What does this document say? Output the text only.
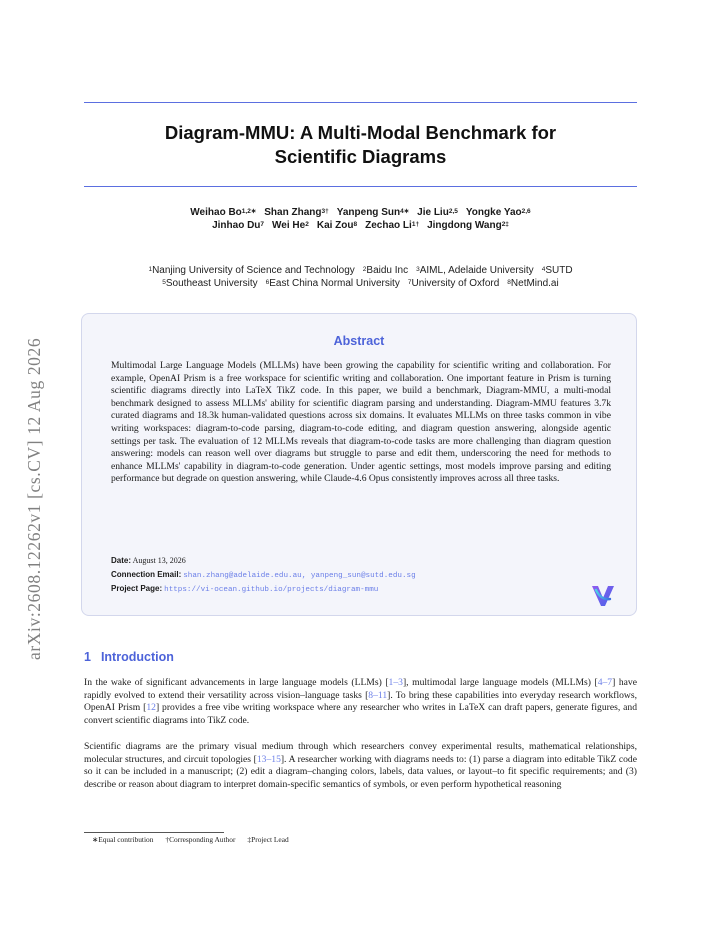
arXiv:2608.12262v1 [cs.CV] 12 Aug 2026
Diagram-MMU: A Multi-Modal Benchmark for
Scientific Diagrams
Weihao $Bo^{1,2∗}$ Shan Zhang$^{3\dagger}$ Yanpeng Sun$^{4∗}$ Jie Liu$^{2,5}$ Yongke Yao$^{2,6}$
Jinhao Du$^7$ Wei He$^2$ Kai Zou$^8$ Zechao $Li^{1\dagger}$ Jingdong Wang$^{2\ddagger}$
$^1$Nanjing University of Science and Technology $^2$Baidu Inc $^3$AIML, Adelaide University $^4$SUTD
$^5$Southeast University $^6$East China Normal University $^7$University of Oxford $^8$NetMind.ai
Abstract
Multimodal Large Language Models (MLLMs) have been growing the capability for scientific writing and collaboration. For example, OpenAI Prism is a free workspace for scientific writing and collaboration. One important feature in Prism is turning scientific diagrams directly into LaTeX TikZ code. In this paper, we build a benchmark, Diagram-MMU, a multi-modal benchmark designed to assess MLLMs' ability for scientific diagram parsing and understanding. Diagram-MMU features 3.7k curated diagrams and 18.3k human-validated questions across six domains. It evaluates MLLMs on three tasks common in vibe writing workspaces: diagram-to-code parsing, diagram-to-code editing, and diagram question answering, alongside agentic settings per task. The evaluation of 12 MLLMs reveals that diagram-to-code tasks are more challenging than diagram question answering: models can reason well over diagrams but struggle to parse and edit them, underscoring the need for methods to enhance MLLMs' capability in diagram-to-code generation. Under agentic settings, most models improve parsing and editing performance but degrade on question answering, while Claude-4.6 Opus consistently improves across all three tasks.
Date: August 13, 2026
Connection Email: shan.zhang@adelaide.edu.au, yanpeng_sun@sutd.edu.sg
Project Page: https://vi-ocean.github.io/projects/diagram-mmu
1 Introduction
In the wake of significant advancements in large language models (LLMs) [1–3], multimodal large language models (MLLMs) [4–7] have rapidly evolved to extend their versatility across vision–language tasks [8–11]. To bring these capabilities into everyday research workflows, OpenAI Prism [12] provides a free vibe writing workspace where any researcher who writes in LaTeX can draft papers, generate figures, and convert scientific diagrams into TikZ code.
Scientific diagrams are the primary visual medium through which researchers convey experimental results, mathematical relationships, molecular structures, and circuit topologies [13–15]. A researcher working with diagrams needs to: (1) parse a diagram into editable TikZ code so it can be included in a manuscript; (2) edit a diagram–changing colors, labels, data values, or layout–to fit specific requirements; and (3) describe or reason about diagram to interpret domain-specific semantics of symbols, or even perform hypothetical reasoning
∗Equal contribution †Corresponding Author ‡Project Lead
